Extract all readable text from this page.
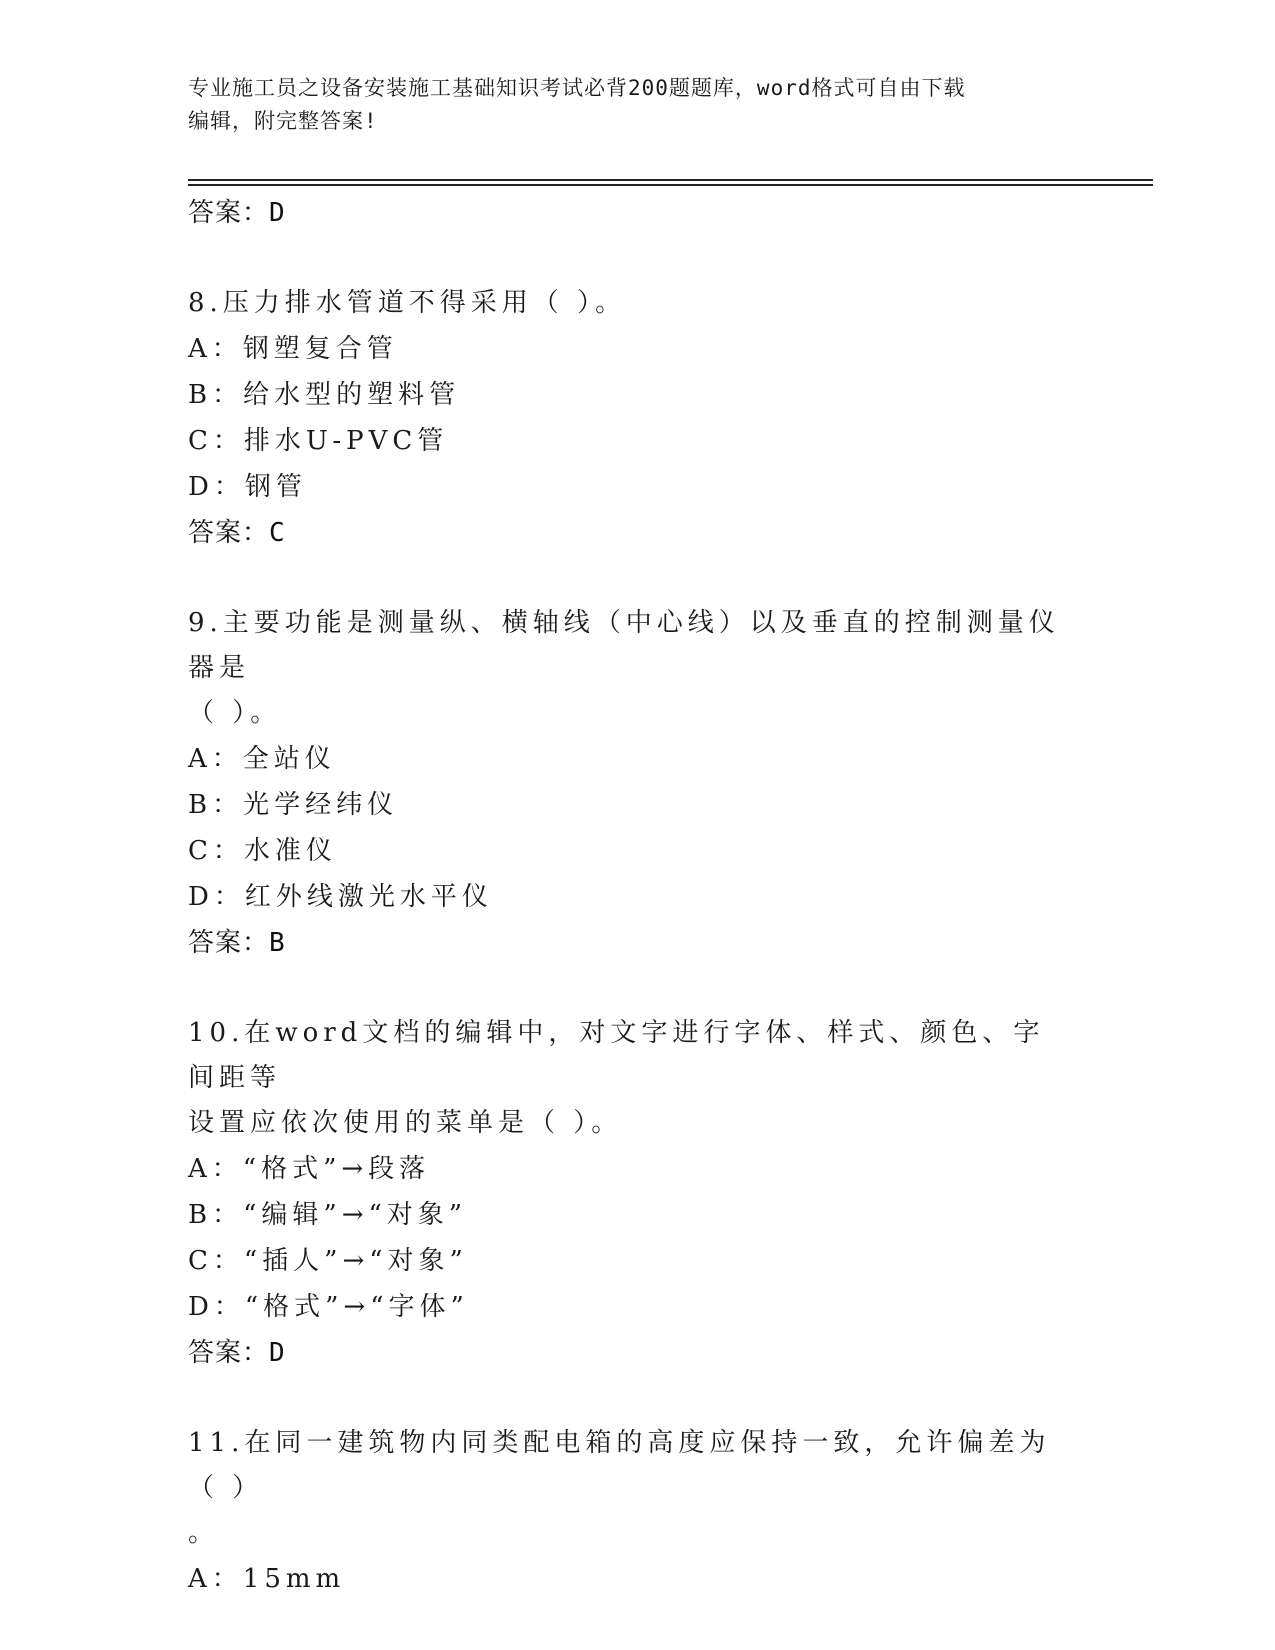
专业施工员之设备安装施工基础知识考试必背200题题库，word格式可自由下载
编辑，附完整答案!
答案：D
8.压力排水管道不得采用（ ）。
A：钢塑复合管
B：给水型的塑料管
C：排水U-PVC管
D：钢管
答案：C
9.主要功能是测量纵、横轴线（中心线）以及垂直的控制测量仪器是
（ ）。
A：全站仪
B：光学经纬仪
C：水准仪
D：红外线激光水平仪
答案：B
10.在word文档的编辑中，对文字进行字体、样式、颜色、字间距等
设置应依次使用的菜单是（ ）。
A：“格式”→段落
B：“编辑”→“对象”
C：“插人”→“对象”
D：“格式”→“字体”
答案：D
11.在同一建筑物内同类配电箱的高度应保持一致，允许偏差为（ ）
。
A：15mm
